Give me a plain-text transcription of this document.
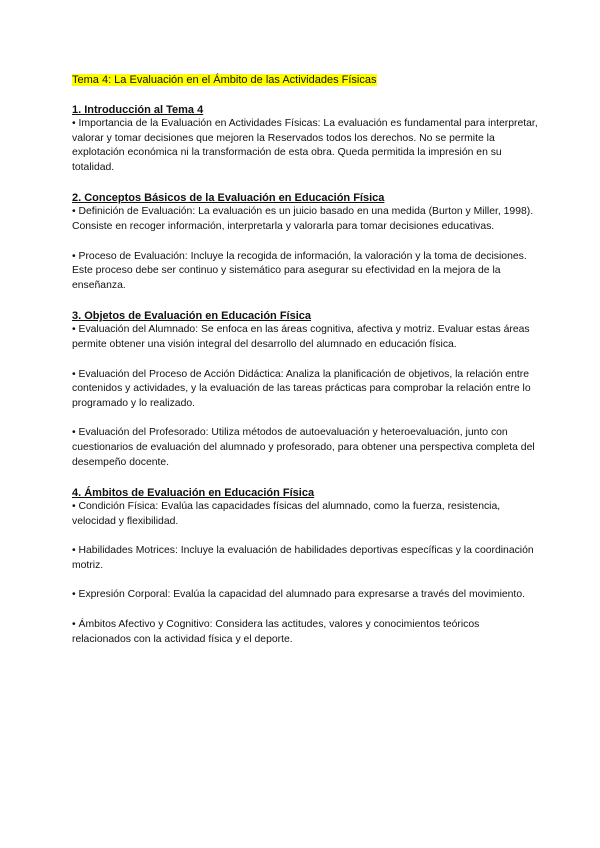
Tema 4: La Evaluación en el Ámbito de las Actividades Físicas
1. Introducción al Tema 4

• Importancia de la Evaluación en Actividades Físicas: La evaluación es fundamental para interpretar, valorar y tomar decisiones que mejoren la Reservados todos los derechos. No se permite la explotación económica ni la transformación de esta obra. Queda permitida la impresión en su totalidad.

2. Conceptos Básicos de la Evaluación en Educación Física

• Definición de Evaluación: La evaluación es un juicio basado en una medida (Burton y Miller, 1998). Consiste en recoger información, interpretarla y valorarla para tomar decisiones educativas.

• Proceso de Evaluación: Incluye la recogida de información, la valoración y la toma de decisiones. Este proceso debe ser continuo y sistemático para asegurar su efectividad en la mejora de la enseñanza.

3. Objetos de Evaluación en Educación Física

• Evaluación del Alumnado: Se enfoca en las áreas cognitiva, afectiva y motriz. Evaluar estas áreas permite obtener una visión integral del desarrollo del alumnado en educación física.

• Evaluación del Proceso de Acción Didáctica: Analiza la planificación de objetivos, la relación entre contenidos y actividades, y la evaluación de las tareas prácticas para comprobar la relación entre lo programado y lo realizado.

• Evaluación del Profesorado: Utiliza métodos de autoevaluación y heteroevaluación, junto con cuestionarios de evaluación del alumnado y profesorado, para obtener una perspectiva completa del desempeño docente.

4. Ámbitos de Evaluación en Educación Física

• Condición Física: Evalúa las capacidades físicas del alumnado, como la fuerza, resistencia, velocidad y flexibilidad.

• Habilidades Motrices: Incluye la evaluación de habilidades deportivas específicas y la coordinación motriz.

• Expresión Corporal: Evalúa la capacidad del alumnado para expresarse a través del movimiento.

• Ámbitos Afectivo y Cognitivo: Considera las actitudes, valores y conocimientos teóricos relacionados con la actividad física y el deporte.
